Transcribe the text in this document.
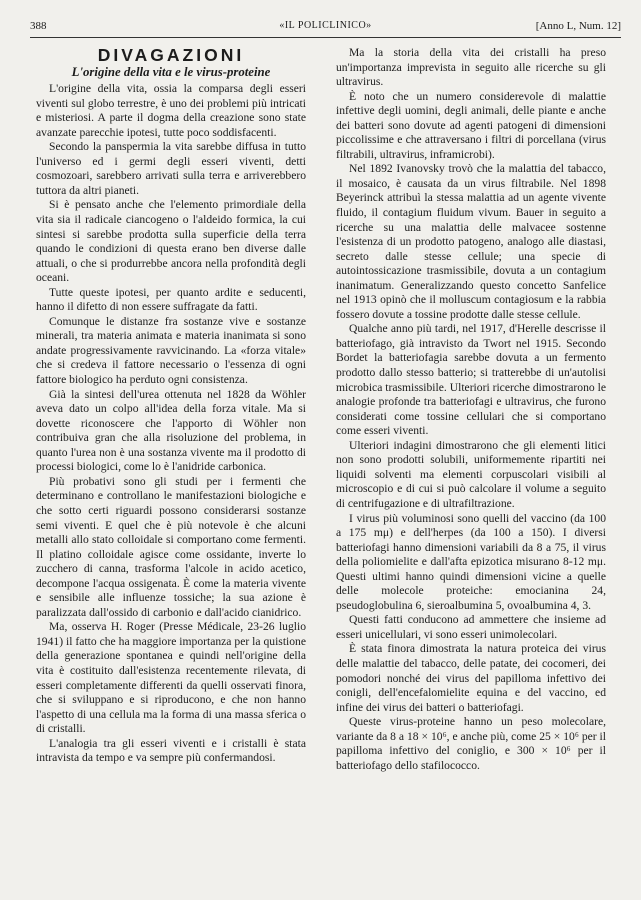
388	«IL POLICLINICO»	[Anno L, Num. 12]
DIVAGAZIONI
L'origine della vita e le virus-proteine

L'origine della vita, ossia la comparsa degli esseri viventi sul globo terrestre, è uno dei problemi più intricati e misteriosi. A parte il dogma della creazione sono state avanzate parecchie ipotesi, tutte poco soddisfacenti.

Secondo la panspermia la vita sarebbe diffusa in tutto l'universo ed i germi degli esseri viventi, detti cosmozoari, sarebbero arrivati sulla terra e arriverebbero tuttora da altri pianeti.

Si è pensato anche che l'elemento primordiale della vita sia il radicale ciancogeno o l'aldeido formica, la cui sintesi si sarebbe prodotta sulla superficie della terra quando le condizioni di questa erano ben diverse dalle attuali, o che si produrrebbe ancora nella profondità degli oceani.

Tutte queste ipotesi, per quanto ardite e seducenti, hanno il difetto di non essere suffragate da fatti.

Comunque le distanze fra sostanze vive e sostanze minerali, tra materia animata e materia inanimata si sono andate progressivamente ravvicinando. La «forza vitale» che si credeva il fattore necessario o l'essenza di ogni fattore biologico ha perduto ogni consistenza.

Già la sintesi dell'urea ottenuta nel 1828 da Wöhler aveva dato un colpo all'idea della forza vitale. Ma si dovette riconoscere che l'apporto di Wöhler non contribuiva gran che alla risoluzione del problema, in quanto l'urea non è una sostanza vivente ma il prodotto di processi biologici, come lo è l'anidride carbonica.

Più probativi sono gli studi per i fermenti che determinano e controllano le manifestazioni biologiche e che sotto certi riguardi possono considerarsi sostanze semi viventi. E quel che è più notevole è che alcuni metalli allo stato colloidale si comportano come fermenti. Il platino colloidale agisce come ossidante, inverte lo zucchero di canna, trasforma l'alcole in acido acetico, decompone l'acqua ossigenata. È come la materia vivente e sensibile alle influenze tossiche; la sua azione è paralizzata dall'ossido di carbonio e dall'acido cianidrico.

Ma, osserva H. Roger (Presse Médicale, 23-26 luglio 1941) il fatto che ha maggiore importanza per la quistione della generazione spontanea e quindi nell'origine della vita è costituito dall'esistenza recentemente rilevata, di esseri completamente differenti da quelli osservati finora, che si sviluppano e si riproducono, e che non hanno l'aspetto di una cellula ma la forma di una massa sferica o di cristalli.

L'analogia tra gli esseri viventi e i cristalli è stata intravista da tempo e va sempre più confermandosi.

Ma la storia della vita dei cristalli ha preso un'importanza imprevista in seguito alle ricerche su gli ultravirus.

È noto che un numero considerevole di malattie infettive degli uomini, degli animali, delle piante e anche dei batteri sono dovute ad agenti patogeni di dimensioni piccolissime e che attraversano i filtri di porcellana (virus filtrabili, ultravirus, inframicrobi).

Nel 1892 Ivanovsky trovò che la malattia del tabacco, il mosaico, è causata da un virus filtrabile. Nel 1898 Beyerinck attribuì la stessa malattia ad un agente vivente fluido, il contagium fluidum vivum. Bauer in seguito a ricerche su una malattia delle malvacee sostenne l'esistenza di un prodotto patogeno, analogo alle diastasi, secreto dalle stesse cellule; una specie di autointossicazione trasmissibile, dovuta a un contagium inanimatum. Generalizzando questo concetto Sanfelice nel 1913 opinò che il molluscum contagiosum e la rabbia fossero dovute a tossine prodotte dalle stesse cellule.

Qualche anno più tardi, nel 1917, d'Herelle descrisse il batteriofago, già intravisto da Twort nel 1915. Secondo Bordet la batteriofagia sarebbe dovuta a un fermento prodotto dallo stesso batterio; si tratterebbe di un'autolisi microbica trasmissibile. Ulteriori ricerche dimostrarono le analogie profonde tra batteriofagi e ultravirus, che furono considerati come tossine cellulari che si comportano come esseri viventi.

Ulteriori indagini dimostrarono che gli elementi litici non sono prodotti solubili, uniformemente ripartiti nei liquidi solventi ma elementi corpuscolari visibili al microscopio e di cui si può calcolare il volume a seguito di centrifugazione e di ultrafiltrazione.

I virus più voluminosi sono quelli del vaccino (da 100 a 175 mμ) e dell'herpes (da 100 a 150). I diversi batteriofagi hanno dimensioni variabili da 8 a 75, il virus della poliomielite e dall'afta epizotica misurano 8-12 mμ. Questi ultimi hanno quindi dimensioni vicine a quelle delle molecole proteiche: emocianina 24, pseudoglobulina 6, sieroalbumina 5, ovoalbumina 4, 3.

Questi fatti conducono ad ammettere che insieme ad esseri unicellulari, vi sono esseri unimolecolari.

È stata finora dimostrata la natura proteica dei virus delle malattie del tabacco, delle patate, dei cocomeri, dei pomodori nonché dei virus del papilloma infettivo dei conigli, dell'encefalomielite equina e del vaccino, ed infine dei virus dei batteri o batteriofagi.

Queste virus-proteine hanno un peso molecolare, variante da 8 a 18 × 10⁶, e anche più, come 25 × 10⁶ per il papilloma infettivo del coniglio, e 300 × 10⁶ per il batteriofago dello stafilococco.
